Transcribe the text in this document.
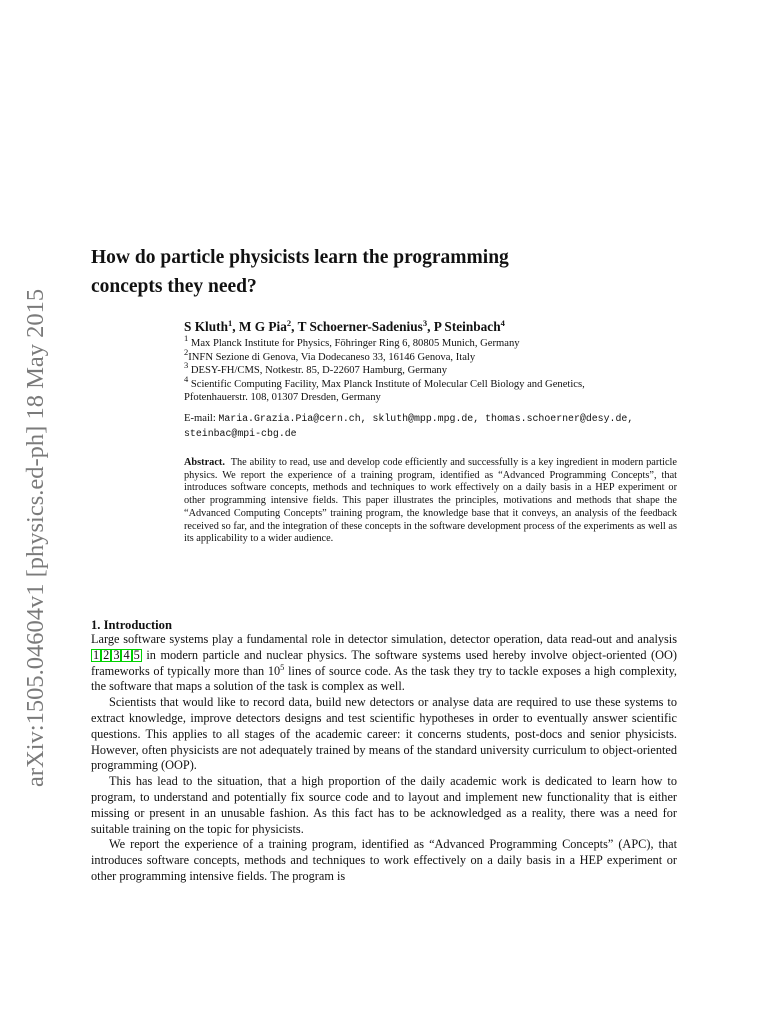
arXiv:1505.04604v1 [physics.ed-ph] 18 May 2015
How do particle physicists learn the programming
concepts they need?
S Kluth$^1$, M G Pia$^2$, T Schoerner-Sadenius$^3$, P Steinbach$^4$

$^1$ Max Planck Institute for Physics, Föhringer Ring 6, 80805 Munich, Germany

$^2$INFN Sezione di Genova, Via Dodecaneso 33, 16146 Genova, Italy

$^3$ DESY-FH/CMS, Notkestr. 85, D-22607 Hamburg, Germany

$^4$ Scientific Computing Facility, Max Planck Institute of Molecular Cell Biology and Genetics,
Pfotenhauerstr. 108, 01307 Dresden, Germany

E-mail: Maria.Grazia.Pia@cern.ch, skluth@mpp.mpg.de, thomas.schoerner@desy.de,
steinbac@mpi-cbg.de
Abstract. The ability to read, use and develop code efficiently and successfully is a key ingredient in modern particle physics. We report the experience of a training program, identified as “Advanced Programming Concepts”, that introduces software concepts, methods and techniques to work effectively on a daily basis in a HEP experiment or other programming intensive fields. This paper illustrates the principles, motivations and methods that shape the “Advanced Computing Concepts” training program, the knowledge base that it conveys, an analysis of the feedback received so far, and the integration of these concepts in the software development process of the experiments as well as its applicability to a wider audience.
1. Introduction

Large software systems play a fundamental role in detector simulation, detector operation, data read-out and analysis 1 2 3 4 5 in modern particle and nuclear physics. The software systems used hereby involve object-oriented (OO) frameworks of typically more than $10^5$ lines of source code. As the task they try to tackle exposes a high complexity, the software that maps a solution of the task is complex as well.

Scientists that would like to record data, build new detectors or analyse data are required to use these systems to extract knowledge, improve detectors designs and test scientific hypotheses in order to eventually answer scientific questions. This applies to all stages of the academic career: it concerns students, post-docs and senior physicists. However, often physicists are not adequately trained by means of the standard university curriculum to object-oriented programming (OOP).

This has lead to the situation, that a high proportion of the daily academic work is dedicated to learn how to program, to understand and potentially fix source code and to layout and implement new functionality that is either missing or present in an unusable fashion. As this fact has to be acknowledged as a reality, there was a need for suitable training on the topic for physicists.

We report the experience of a training program, identified as “Advanced Programming Concepts” (APC), that introduces software concepts, methods and techniques to work effectively on a daily basis in a HEP experiment or other programming intensive fields. The program is
